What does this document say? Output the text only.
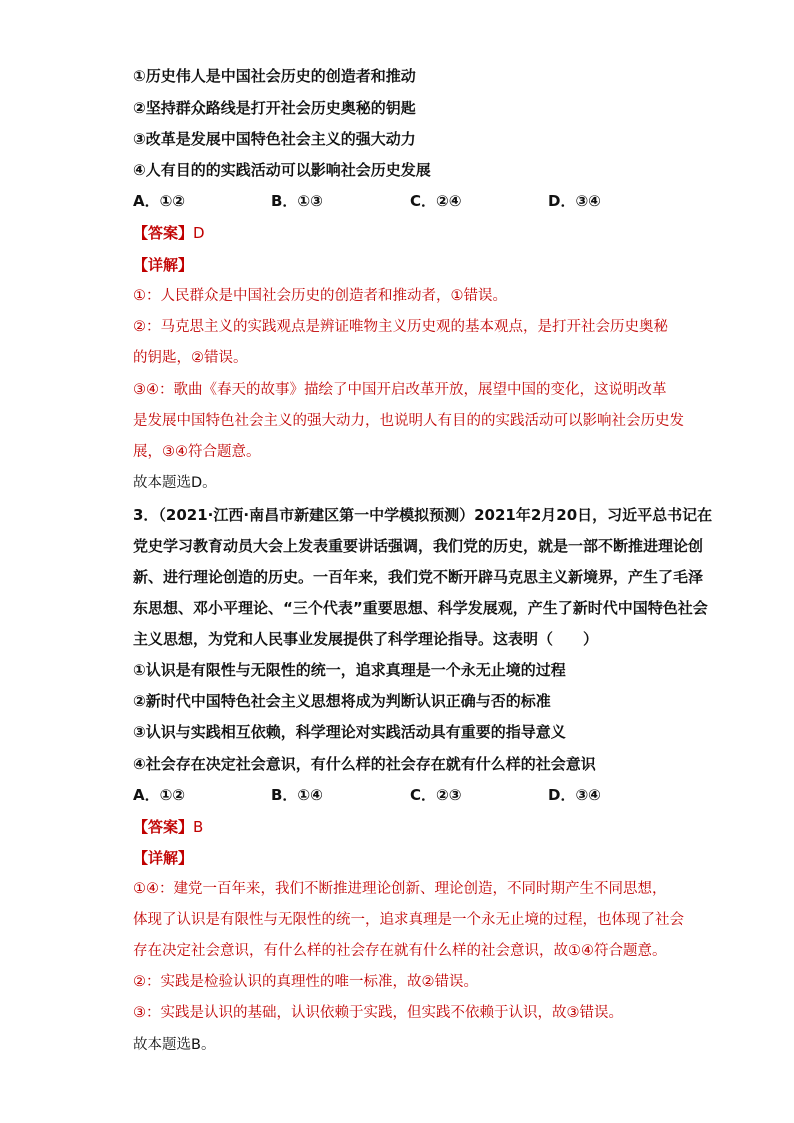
①历史伟人是中国社会历史的创造者和推动
②坚持群众路线是打开社会历史奥秘的钥匙
③改革是发展中国特色社会主义的强大动力
④人有目的的实践活动可以影响社会历史发展
A．①②	B．①③	C．②④	D．③④
【答案】D
【详解】
①：人民群众是中国社会历史的创造者和推动者，①错误。
②：马克思主义的实践观点是辨证唯物主义历史观的基本观点，是打开社会历史奥秘
的钥匙，②错误。
③④：歌曲《春天的故事》描绘了中国开启改革开放，展望中国的变化，这说明改革
是发展中国特色社会主义的强大动力，也说明人有目的的实践活动可以影响社会历史发
展，③④符合题意。
故本题选D。
3．（2021·江西·南昌市新建区第一中学模拟预测）2021年2月20日，习近平总书记在
党史学习教育动员大会上发表重要讲话强调，我们党的历史，就是一部不断推进理论创
新、进行理论创造的历史。一百年来，我们党不断开辟马克思主义新境界，产生了毛泽
东思想、邓小平理论、“三个代表”重要思想、科学发展观，产生了新时代中国特色社会
主义思想，为党和人民事业发展提供了科学理论指导。这表明（　　）
①认识是有限性与无限性的统一，追求真理是一个永无止境的过程
②新时代中国特色社会主义思想将成为判断认识正确与否的标准
③认识与实践相互依赖，科学理论对实践活动具有重要的指导意义
④社会存在决定社会意识，有什么样的社会存在就有什么样的社会意识
A．①②	B．①④	C．②③	D．③④
【答案】B
【详解】
①④：建党一百年来，我们不断推进理论创新、理论创造，不同时期产生不同思想，
体现了认识是有限性与无限性的统一，追求真理是一个永无止境的过程，也体现了社会
存在决定社会意识，有什么样的社会存在就有什么样的社会意识，故①④符合题意。
②：实践是检验认识的真理性的唯一标准，故②错误。
③：实践是认识的基础，认识依赖于实践，但实践不依赖于认识，故③错误。
故本题选B。
